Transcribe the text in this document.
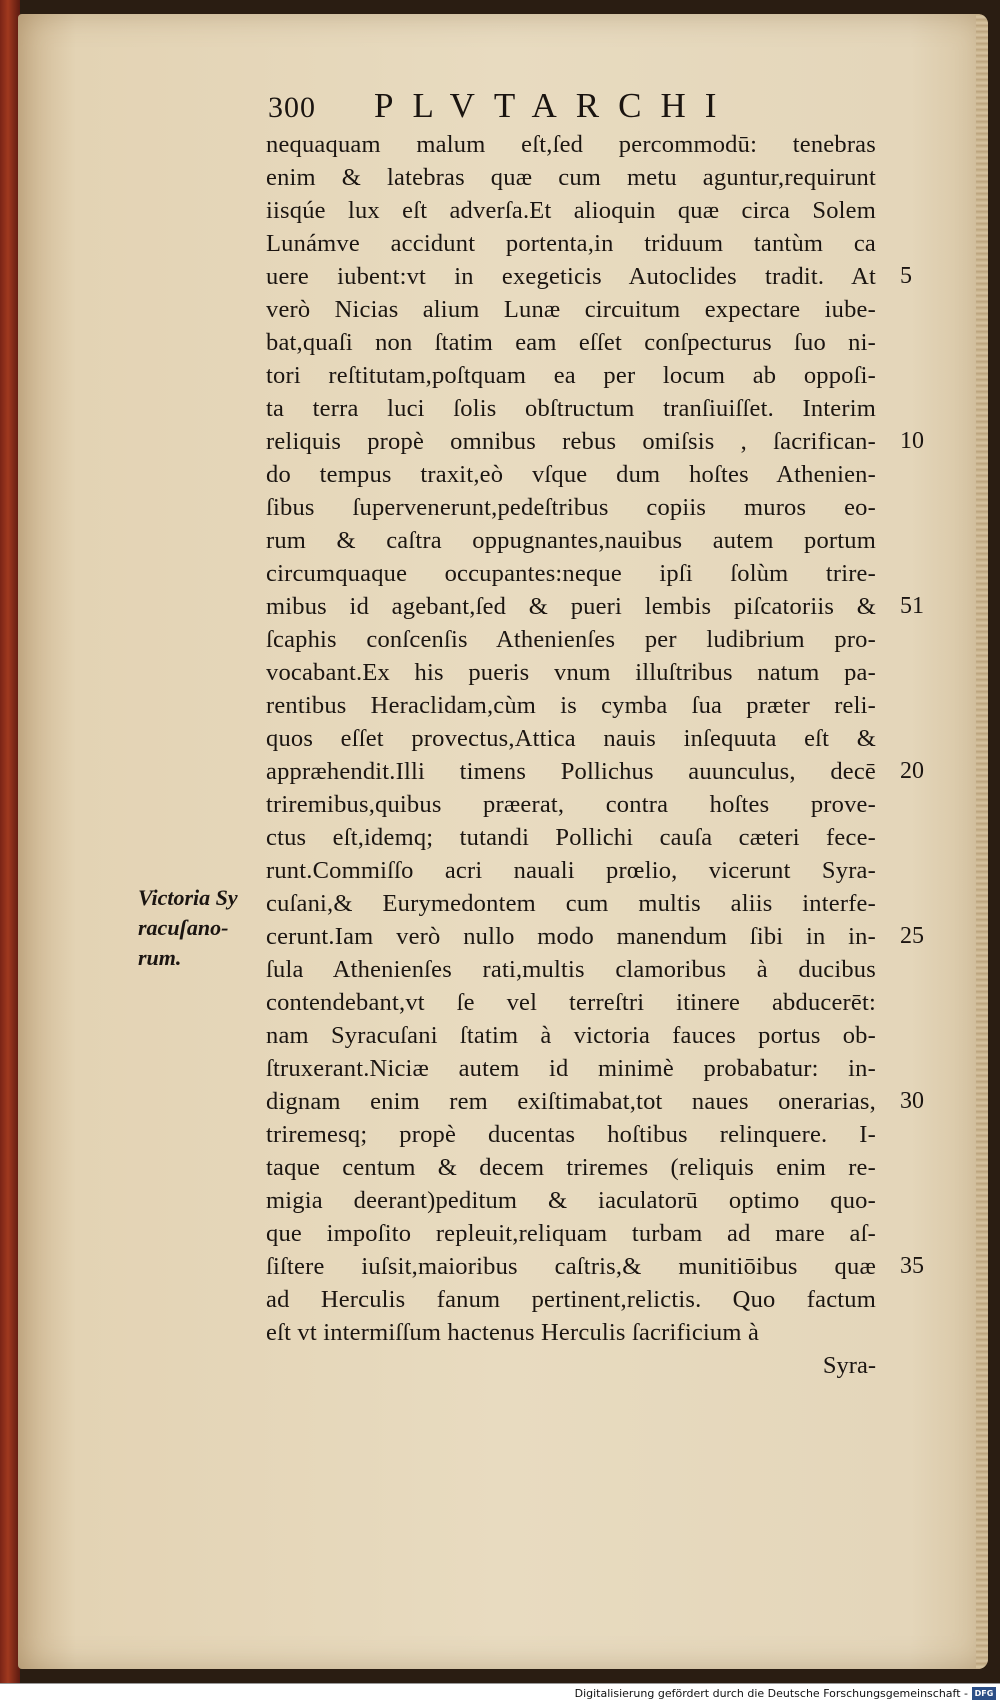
300 PLVTARCHI
nequaquam malum eſt,ſed percommodū: tenebras
enim & latebras quæ cum metu aguntur,requirunt
iisqúe lux eſt adverſa.Et alioquin quæ circa Solem
Lunámve accidunt portenta,in triduum tantùm ca
uere iubent:vt in exegeticis Autoclides tradit. At
verò Nicias alium Lunæ circuitum expectare iube-
bat,quaſi non ſtatim eam eſſet conſpecturus ſuo ni-
tori reſtitutam,poſtquam ea per locum ab oppoſi-
ta terra luci ſolis obſtructum tranſiuiſſet. Interim
reliquis propè omnibus rebus omiſsis , ſacrifican-
do tempus traxit,eò vſque dum hoſtes Athenien-
ſibus ſupervenerunt,pedeſtribus copiis muros eo-
rum & caſtra oppugnantes,nauibus autem portum
circumquaque occupantes:neque ipſi ſolùm trire-
mibus id agebant,ſed & pueri lembis piſcatoriis &
ſcaphis conſcenſis Athenienſes per ludibrium pro-
vocabant.Ex his pueris vnum illuſtribus natum pa-
rentibus Heraclidam,cùm is cymba ſua præter reli-
quos eſſet provectus,Attica nauis inſequuta eſt &
appræhendit.Illi timens Pollichus auunculus, decē
triremibus,quibus præerat, contra hoſtes prove-
ctus eſt,idemq; tutandi Pollichi cauſa cæteri fece-
runt.Commiſſo acri nauali prœlio, vicerunt Syra-
cuſani,& Eurymedontem cum multis aliis interfe-
cerunt.Iam verò nullo modo manendum ſibi in in-
ſula Athenienſes rati,multis clamoribus à ducibus
contendebant,vt ſe vel terreſtri itinere abducerēt:
nam Syracuſani ſtatim à victoria fauces portus ob-
ſtruxerant.Niciæ autem id minimè probabatur: in-
dignam enim rem exiſtimabat,tot naues onerarias,
triremesq; propè ducentas hoſtibus relinquere. I-
taque centum & decem triremes (reliquis enim re-
migia deerant)peditum & iaculatorū optimo quo-
que impoſito repleuit,reliquam turbam ad mare aſ-
ſiſtere iuſsit,maioribus caſtris,& munitiōibus quæ
ad Herculis fanum pertinent,relictis. Quo factum
eſt vt intermiſſum hactenus Herculis ſacrificium à
Syra-
5
10
51
20
25
30
35
Victoria Sy
racuſano-
rum.
Digitalisierung gefördert durch die Deutsche Forschungsgemeinschaft - DFG
